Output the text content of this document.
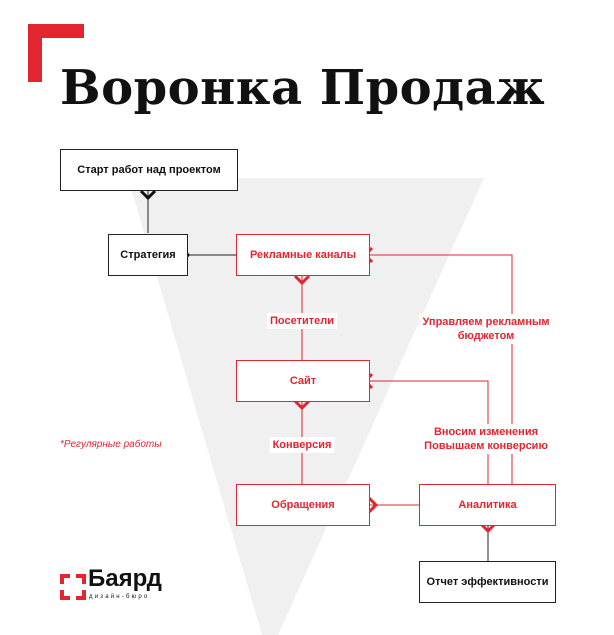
Воронка Продаж
Старт работ над проектом
Стратегия	Рекламные каналы
Сайт
Обращения	Аналитика
Отчет эффективности
Посетители
Конверсия
Управляем рекламным
бюджетом
Вносим изменения
Повышаем конверсию
*Регулярные работы
Баярд
дизайн-бюро
